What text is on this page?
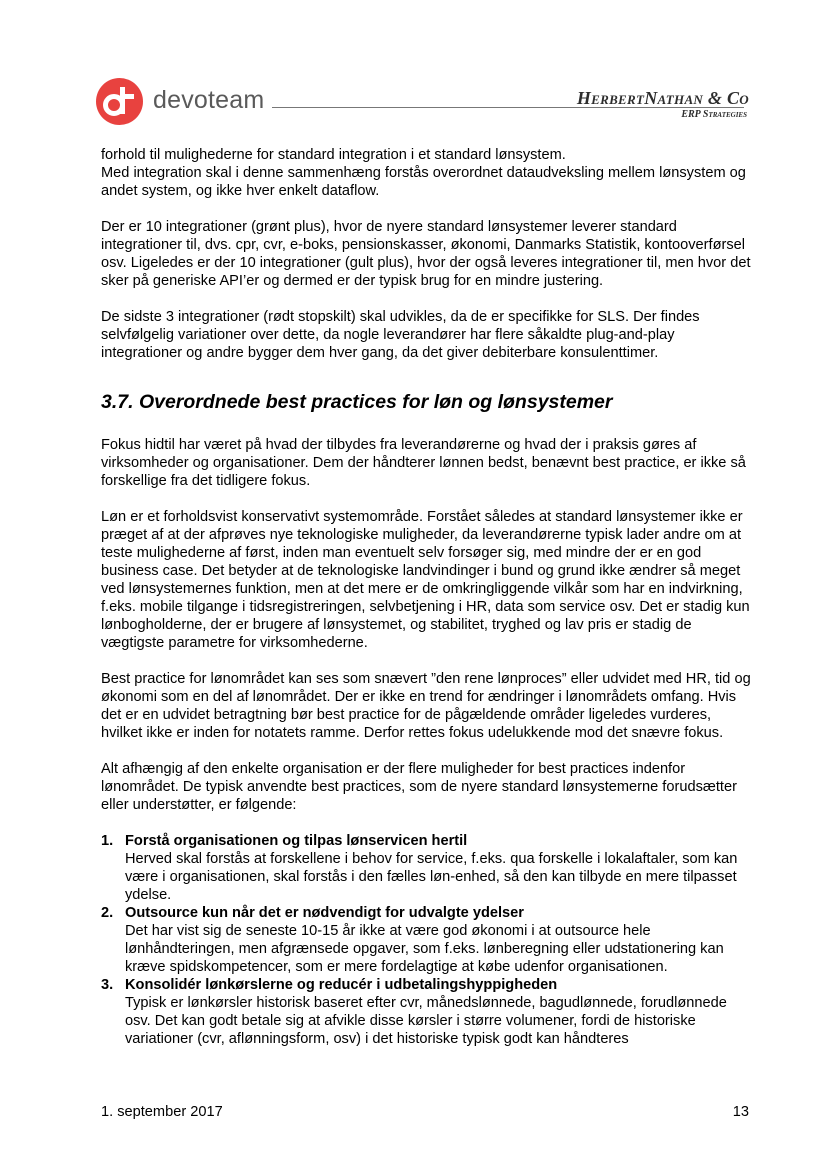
devoteam	HerbertNathan & Co
ERP Strategies

forhold til mulighederne for standard integration i et standard lønsystem.

Med integration skal i denne sammenhæng forstås overordnet dataudveksling mellem lønsystem og andet system, og ikke hver enkelt dataflow.

Der er 10 integrationer (grønt plus), hvor de nyere standard lønsystemer leverer standard integrationer til, dvs. cpr, cvr, e-boks, pensionskasser, økonomi, Danmarks Statistik, kontooverførsel osv. Ligeledes er der 10 integrationer (gult plus), hvor der også leveres integrationer til, men hvor det sker på generiske API’er og dermed er der typisk brug for en mindre justering.

De sidste 3 integrationer (rødt stopskilt) skal udvikles, da de er specifikke for SLS. Der findes selvfølgelig variationer over dette, da nogle leverandører har flere såkaldte plug-and-play integrationer og andre bygger dem hver gang, da det giver debiterbare konsulenttimer.

3.7. Overordnede best practices for løn og lønsystemer

Fokus hidtil har været på hvad der tilbydes fra leverandørerne og hvad der i praksis gøres af virksomheder og organisationer. Dem der håndterer lønnen bedst, benævnt best practice, er ikke så forskellige fra det tidligere fokus.

Løn er et forholdsvist konservativt systemområde. Forstået således at standard lønsystemer ikke er præget af at der afprøves nye teknologiske muligheder, da leverandørerne typisk lader andre om at teste mulighederne af først, inden man eventuelt selv forsøger sig, med mindre der er en god business case. Det betyder at de teknologiske landvindinger i bund og grund ikke ændrer så meget ved lønsystemernes funktion, men at det mere er de omkringliggende vilkår som har en indvirkning, f.eks. mobile tilgange i tidsregistreringen, selvbetjening i HR, data som service osv. Det er stadig kun lønbogholderne, der er brugere af lønsystemet, og stabilitet, tryghed og lav pris er stadig de vægtigste parametre for virksomhederne.

Best practice for lønområdet kan ses som snævert ”den rene lønproces” eller udvidet med HR, tid og økonomi som en del af lønområdet. Der er ikke en trend for ændringer i lønområdets omfang. Hvis det er en udvidet betragtning bør best practice for de pågældende områder ligeledes vurderes, hvilket ikke er inden for notatets ramme. Derfor rettes fokus udelukkende mod det snævre fokus.

Alt afhængig af den enkelte organisation er der flere muligheder for best practices indenfor lønområdet. De typisk anvendte best practices, som de nyere standard lønsystemerne forudsætter eller understøtter, er følgende:

1. Forstå organisationen og tilpas lønservicen hertil
Herved skal forstås at forskellene i behov for service, f.eks. qua forskelle i lokalaftaler, som kan være i organisationen, skal forstås i den fælles løn-enhed, så den kan tilbyde en mere tilpasset ydelse.
2. Outsource kun når det er nødvendigt for udvalgte ydelser
Det har vist sig de seneste 10-15 år ikke at være god økonomi i at outsource hele lønhåndteringen, men afgrænsede opgaver, som f.eks. lønberegning eller udstationering kan kræve spidskompetencer, som er mere fordelagtige at købe udenfor organisationen.
3. Konsolidér lønkørslerne og reducér i udbetalingshyppigheden
Typisk er lønkørsler historisk baseret efter cvr, månedslønnede, bagudlønnede, forudlønnede osv. Det kan godt betale sig at afvikle disse kørsler i større volumener, fordi de historiske variationer (cvr, aflønningsform, osv) i det historiske typisk godt kan håndteres
1. september 2017	13
